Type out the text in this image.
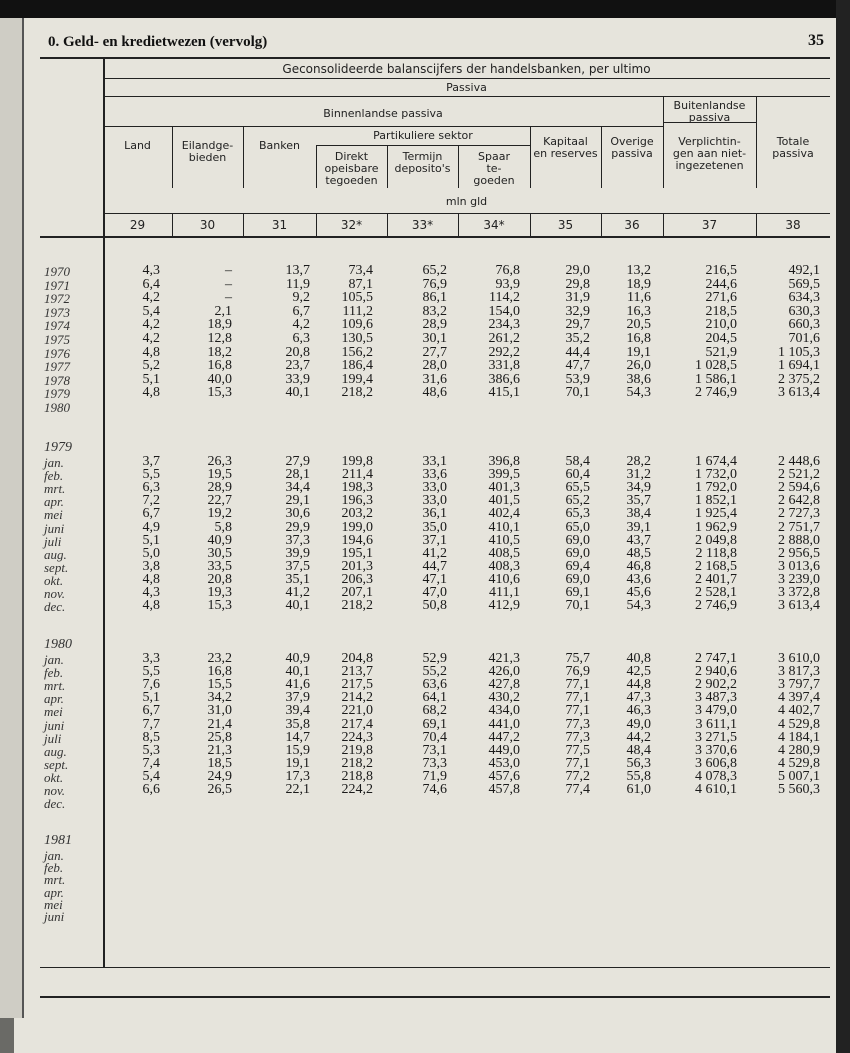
0. Geld- en kredietwezen (vervolg)	35
Geconsolideerde balanscijfers der handelsbanken, per ultimo
Passiva
Binnenlandse passiva
Buitenlandse passiva
Partikuliere sektor
mln gld
Land
29
Eilandge-
bieden
30
Banken
31
Direkt
opeisbare
tegoeden
32*
Termijn
deposito's
33*
Spaar
te-
goeden
34*
Kapitaal
en reserves
35
Overige
passiva
36
Verplichtin-
gen aan niet-
ingezetenen
37
Totale
passiva
38
1970	4,3	–	13,7	73,4	65,2	76,8	29,0	13,2	216,5	492,1
1971	6,4	–	11,9	87,1	76,9	93,9	29,8	18,9	244,6	569,5
1972	4,2	–	9,2 105,5	86,1	114,2	31,9	11,6	271,6	634,3
1973	5,4	2,1	6,7 111,2	83,2	154,0	32,9	16,3	218,5	630,3
1974	4,2	18,9	4,2 109,6	28,9	234,3	29,7	20,5	210,0	660,3
1975	4,2	12,8	6,3 130,5	30,1	261,2	35,2	16,8	204,5	701,6
1976	4,8	18,2	20,8 156,2	27,7	292,2	44,4	19,1	521,9	1 105,3
1977	5,2	16,8	23,7 186,4	28,0	331,8	47,7	26,0	1 028,5	1 694,1
1978	5,1	40,0	33,9 199,4	31,6	386,6	53,9	38,6	1 586,1	2 375,2
1979	4,8	15,3	40,1 218,2	48,6	415,1	70,1	54,3	2 746,9	3 613,4
1980
1979
jan.	3,7	26,3	27,9 199,8	33,1	396,8	58,4	28,2	1 674,4	2 448,6
feb.	5,5	19,5	28,1 211,4	33,6	399,5	60,4	31,2	1 732,0	2 521,2
mrt.	6,3	28,9	34,4 198,3	33,0	401,3	65,5	34,9	1 792,0	2 594,6
apr.	7,2	22,7	29,1 196,3	33,0	401,5	65,2	35,7	1 852,1	2 642,8
mei	6,7	19,2	30,6 203,2	36,1	402,4	65,3	38,4	1 925,4	2 727,3
juni	4,9	5,8	29,9 199,0	35,0	410,1	65,0	39,1	1 962,9	2 751,7
juli	5,1	40,9	37,3 194,6	37,1	410,5	69,0	43,7	2 049,8	2 888,0
aug.	5,0	30,5	39,9 195,1	41,2	408,5	69,0	48,5	2 118,8	2 956,5
sept.	3,8	33,5	37,5 201,3	44,7	408,3	69,4	46,8	2 168,5	3 013,6
okt.	4,8	20,8	35,1 206,3	47,1	410,6	69,0	43,6	2 401,7	3 239,0
nov.	4,3	19,3	41,2 207,1	47,0	411,1	69,1	45,6	2 528,1	3 372,8
dec.	4,8	15,3	40,1 218,2	50,8	412,9	70,1	54,3	2 746,9	3 613,4
1980
jan.	3,3	23,2	40,9 204,8	52,9	421,3	75,7	40,8	2 747,1	3 610,0
feb.	5,5	16,8	40,1 213,7	55,2	426,0	76,9	42,5	2 940,6	3 817,3
mrt.	7,6	15,5	41,6 217,5	63,6	427,8	77,1	44,8	2 902,2	3 797,7
apr.	5,1	34,2	37,9 214,2	64,1	430,2	77,1	47,3	3 487,3	4 397,4
mei	6,7	31,0	39,4 221,0	68,2	434,0	77,1	46,3	3 479,0	4 402,7
juni	7,7	21,4	35,8 217,4	69,1	441,0	77,3	49,0	3 611,1	4 529,8
juli	8,5	25,8	14,7 224,3	70,4	447,2	77,3	44,2	3 271,5	4 184,1
aug.	5,3	21,3	15,9 219,8	73,1	449,0	77,5	48,4	3 370,6	4 280,9
sept.	7,4	18,5	19,1 218,2	73,3	453,0	77,1	56,3	3 606,8	4 529,8
okt.	5,4	24,9	17,3 218,8	71,9	457,6	77,2	55,8	4 078,3	5 007,1
nov.	6,6	26,5	22,1 224,2	74,6	457,8	77,4	61,0	4 610,1	5 560,3
dec.
1981
jan.
feb.
mrt.
apr.
mei
juni
